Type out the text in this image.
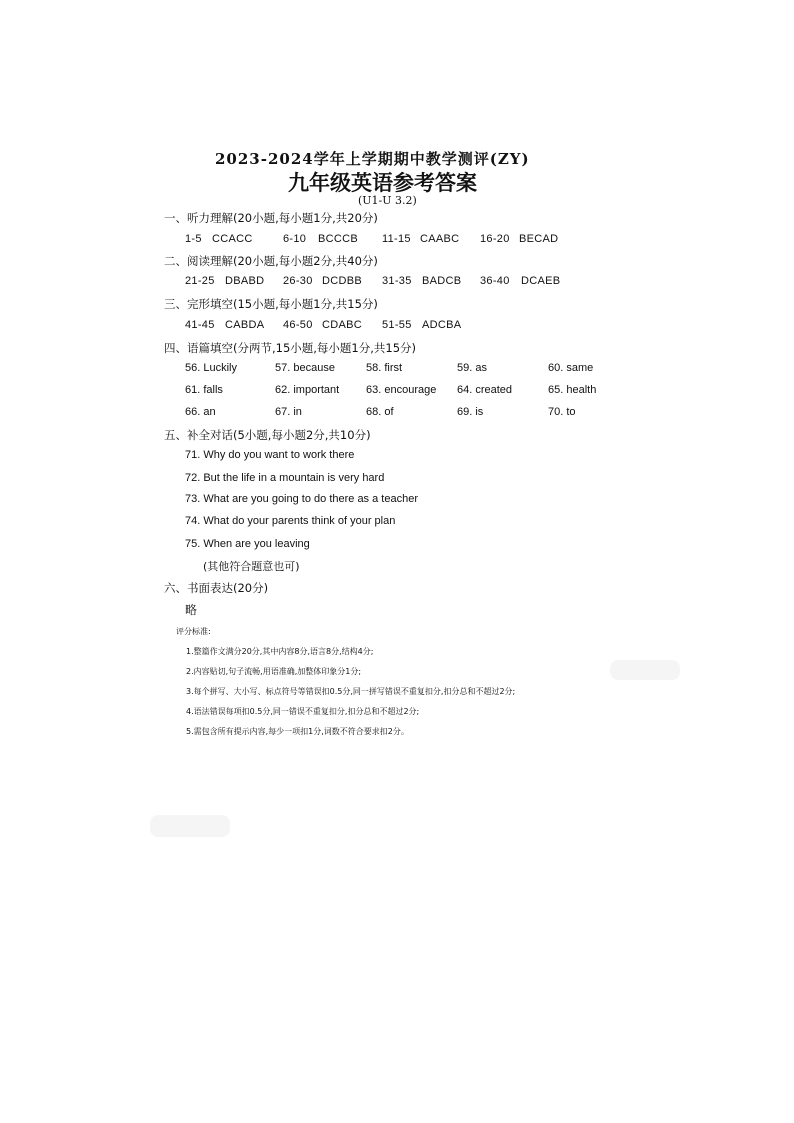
2023-2024学年上学期期中教学测评(ZY)
九年级英语参考答案
(U1-U 3.2)
一、听力理解(20小题,每小题1分,共20分)
1-5 CCACC	6-10 BCCCB 11-15 CAABC 16-20 BECAD
二、阅读理解(20小题,每小题2分,共40分)
21-25 DBABD 26-30 DCDBB 31-35 BADCB 36-40 DCAEB
三、完形填空(15小题,每小题1分,共15分)
41-45 CABDA 46-50 CDABC 51-55 ADCBA
四、语篇填空(分两节,15小题,每小题1分,共15分)
56. Luckily	57. because	58. first	59. as	60. same
61. falls	62. important 63. encourage 64. created	65. health
66. an	67. in	68. of	69. is	70. to
五、补全对话(5小题,每小题2分,共10分)
71. Why do you want to work there
72. But the life in a mountain is very hard
73. What are you going to do there as a teacher
74. What do your parents think of your plan
75. When are you leaving
(其他符合题意也可)
六、书面表达(20分)
略
评分标准:
1.整篇作文满分20分,其中内容8分,语言8分,结构4分;
2.内容贴切,句子流畅,用语准确,加整体印象分1分;
3.每个拼写、大小写、标点符号等错误扣0.5分,同一拼写错误不重复扣分,扣分总和不超过2分;
4.语法错误每项扣0.5分,同一错误不重复扣分,扣分总和不超过2分;
5.需包含所有提示内容,每少一项扣1分,词数不符合要求扣2分。
